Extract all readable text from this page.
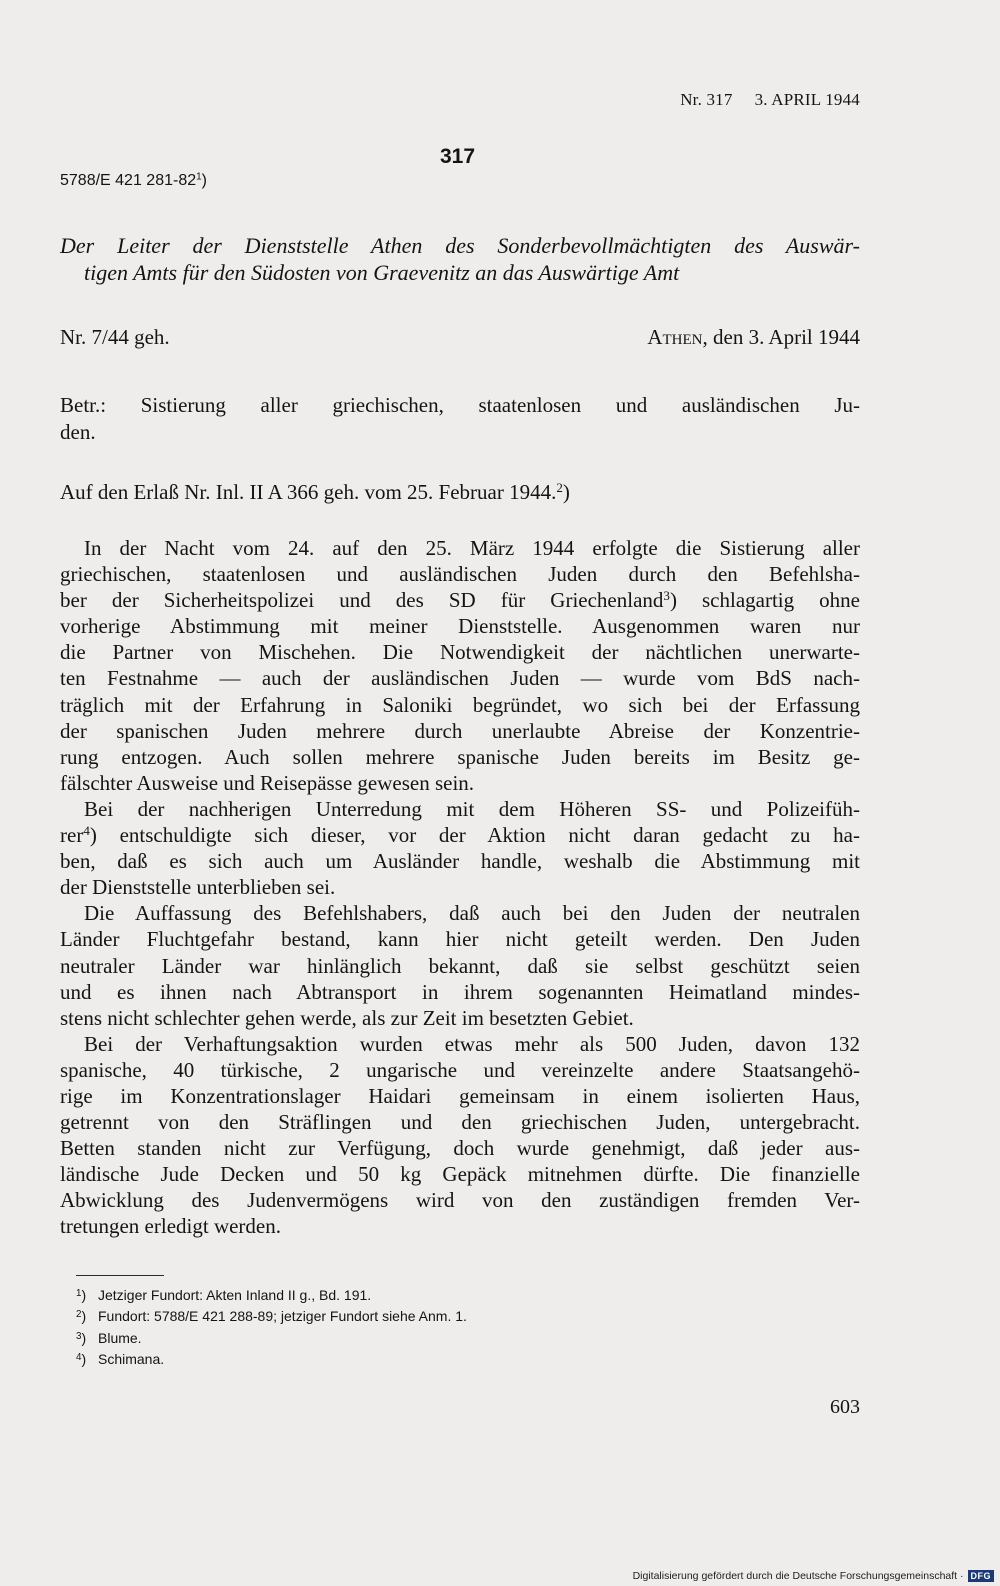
Nr. 317 3. APRIL 1944
317
5788/E 421 $281-82^1$)
Der Leiter der Dienststelle Athen des Sonderbevollmächtigten des Auswär-
tigen Amts für den Südosten von Graevenitz an das Auswärtige Amt
Nr. 7/44 geh.	Athen, den 3. April 1944
Betr.: Sistierung aller griechischen, staatenlosen und ausländischen Ju-
den.
Auf den Erlaß Nr. Inl. II A 366 geh. vom 25. Februar 1944.$^2$)
In der Nacht vom 24. auf den 25. März 1944 erfolgte die Sistierung aller
griechischen, staatenlosen und ausländischen Juden durch den Befehlsha-
ber der Sicherheitspolizei und des SD für Griechenland$^3$) schlagartig ohne
vorherige Abstimmung mit meiner Dienststelle. Ausgenommen waren nur
die Partner von Mischehen. Die Notwendigkeit der nächtlichen unerwarte-
ten Festnahme — auch der ausländischen Juden — wurde vom BdS nach-
träglich mit der Erfahrung in Saloniki begründet, wo sich bei der Erfassung
der spanischen Juden mehrere durch unerlaubte Abreise der Konzentrie-
rung entzogen. Auch sollen mehrere spanische Juden bereits im Besitz ge-
fälschter Ausweise und Reisepässe gewesen sein.
Bei der nachherigen Unterredung mit dem Höheren SS- und Polizeifüh-
rer$^4$) entschuldigte sich dieser, vor der Aktion nicht daran gedacht zu ha-
ben, daß es sich auch um Ausländer handle, weshalb die Abstimmung mit
der Dienststelle unterblieben sei.
Die Auffassung des Befehlshabers, daß auch bei den Juden der neutralen
Länder Fluchtgefahr bestand, kann hier nicht geteilt werden. Den Juden
neutraler Länder war hinlänglich bekannt, daß sie selbst geschützt seien
und es ihnen nach Abtransport in ihrem sogenannten Heimatland mindes-
stens nicht schlechter gehen werde, als zur Zeit im besetzten Gebiet.
Bei der Verhaftungsaktion wurden etwas mehr als 500 Juden, davon 132
spanische, 40 türkische, 2 ungarische und vereinzelte andere Staatsangehö-
rige im Konzentrationslager Haidari gemeinsam in einem isolierten Haus,
getrennt von den Sträflingen und den griechischen Juden, untergebracht.
Betten standen nicht zur Verfügung, doch wurde genehmigt, daß jeder aus-
ländische Jude Decken und 50 kg Gepäck mitnehmen dürfte. Die finanzielle
Abwicklung des Judenvermögens wird von den zuständigen fremden Ver-
tretungen erledigt werden.
$^1$) Jetziger Fundort: Akten Inland II g., Bd. 191.
$^2$) Fundort: 5788/E 421 288-89; jetziger Fundort siehe Anm. 1.
$^3$) Blume.
$^4$) Schimana.
603
Digitalisierung gefördert durch die Deutsche Forschungsgemeinschaft · DFG
